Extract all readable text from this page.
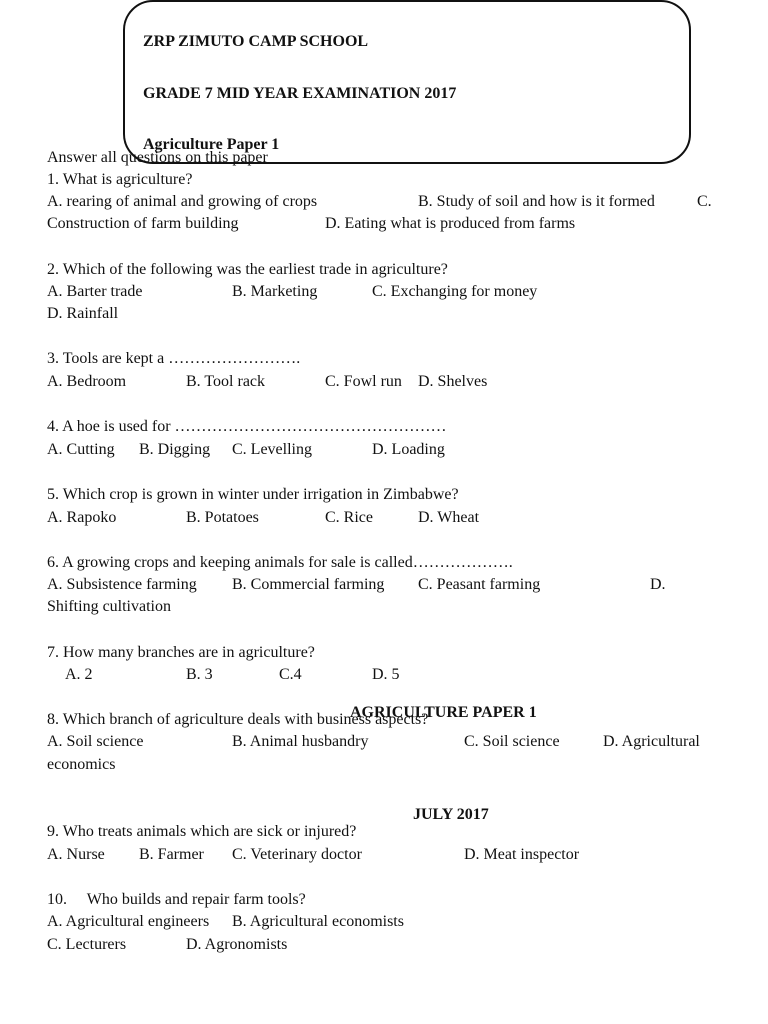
ZRP ZIMUTO CAMP SCHOOL
GRADE 7 MID YEAR EXAMINATION 2017
Agriculture Paper 1
Answer all questions on this paper
1. What is agriculture?
A. rearing of animal and growing of crops	B. Study of soil and how is it formed	C.
Construction of farm building	D. Eating what is produced from farms
2. Which of the following was the earliest trade in agriculture?
A. Barter trade	B. Marketing	C. Exchanging for money
D. Rainfall
3. Tools are kept a …………………….
A. Bedroom	B. Tool rack	C. Fowl run D. Shelves
4. A hoe is used for ……………………………………………
A. Cutting B. Digging C. Levelling	D. Loading
5. Which crop is grown in winter under irrigation in Zimbabwe?
A. Rapoko	B. Potatoes	C. Rice	D. Wheat
6. A growing crops and keeping animals for sale is called……………….
A. Subsistence farming B. Commercial farming C. Peasant farming	D.
Shifting cultivation
7. How many branches are in agriculture?
A. 2	B. 3	C.4	D. 5
8. Which branch of agriculture deals with business aspects?
AGRICULTURE PAPER 1
A. Soil science	B. Animal husbandry	C. Soil science	D. Agricultural
economics
JULY 2017
9. Who treats animals which are sick or injured?
A. Nurse B. Farmer C. Veterinary doctor	D. Meat inspector
10.     Who builds and repair farm tools?
A. Agricultural engineers B. Agricultural economists
C. Lecturers	D. Agronomists
